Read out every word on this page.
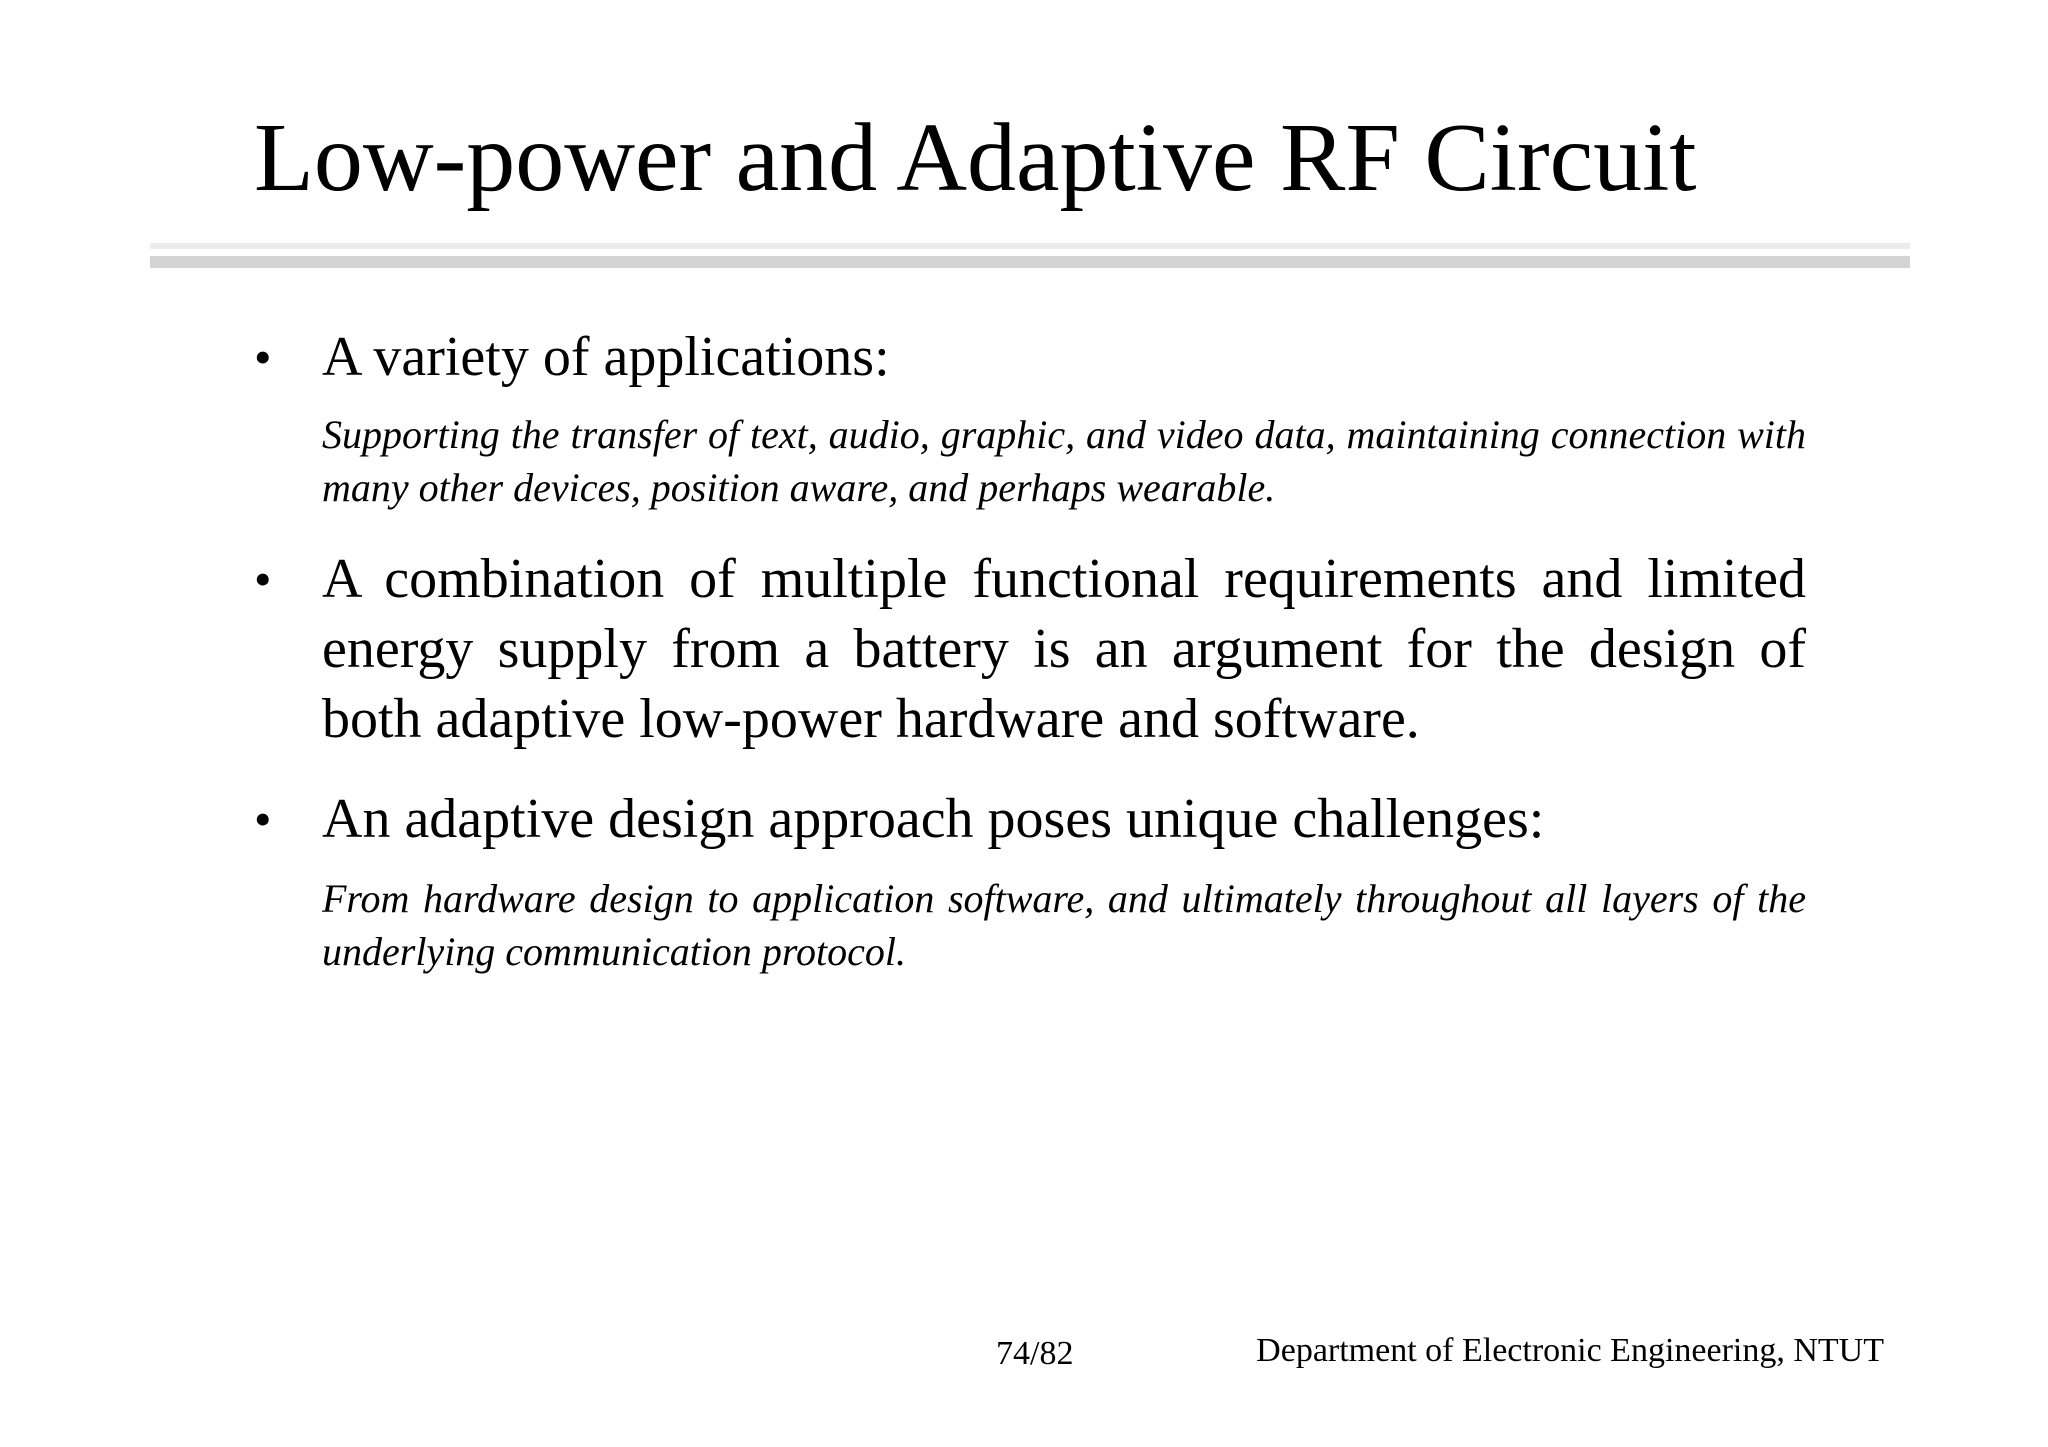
Low-power and Adaptive RF Circuit
• A variety of applications:
Supporting the transfer of text, audio, graphic, and video data, maintaining connection with many other devices, position aware, and perhaps wearable.
• A combination of multiple functional requirements and limited energy supply from a battery is an argument for the design of both adaptive low-power hardware and software.
• An adaptive design approach poses unique challenges:
From hardware design to application software, and ultimately throughout all layers of the underlying communication protocol.
74/82	Department of Electronic Engineering, NTUT
